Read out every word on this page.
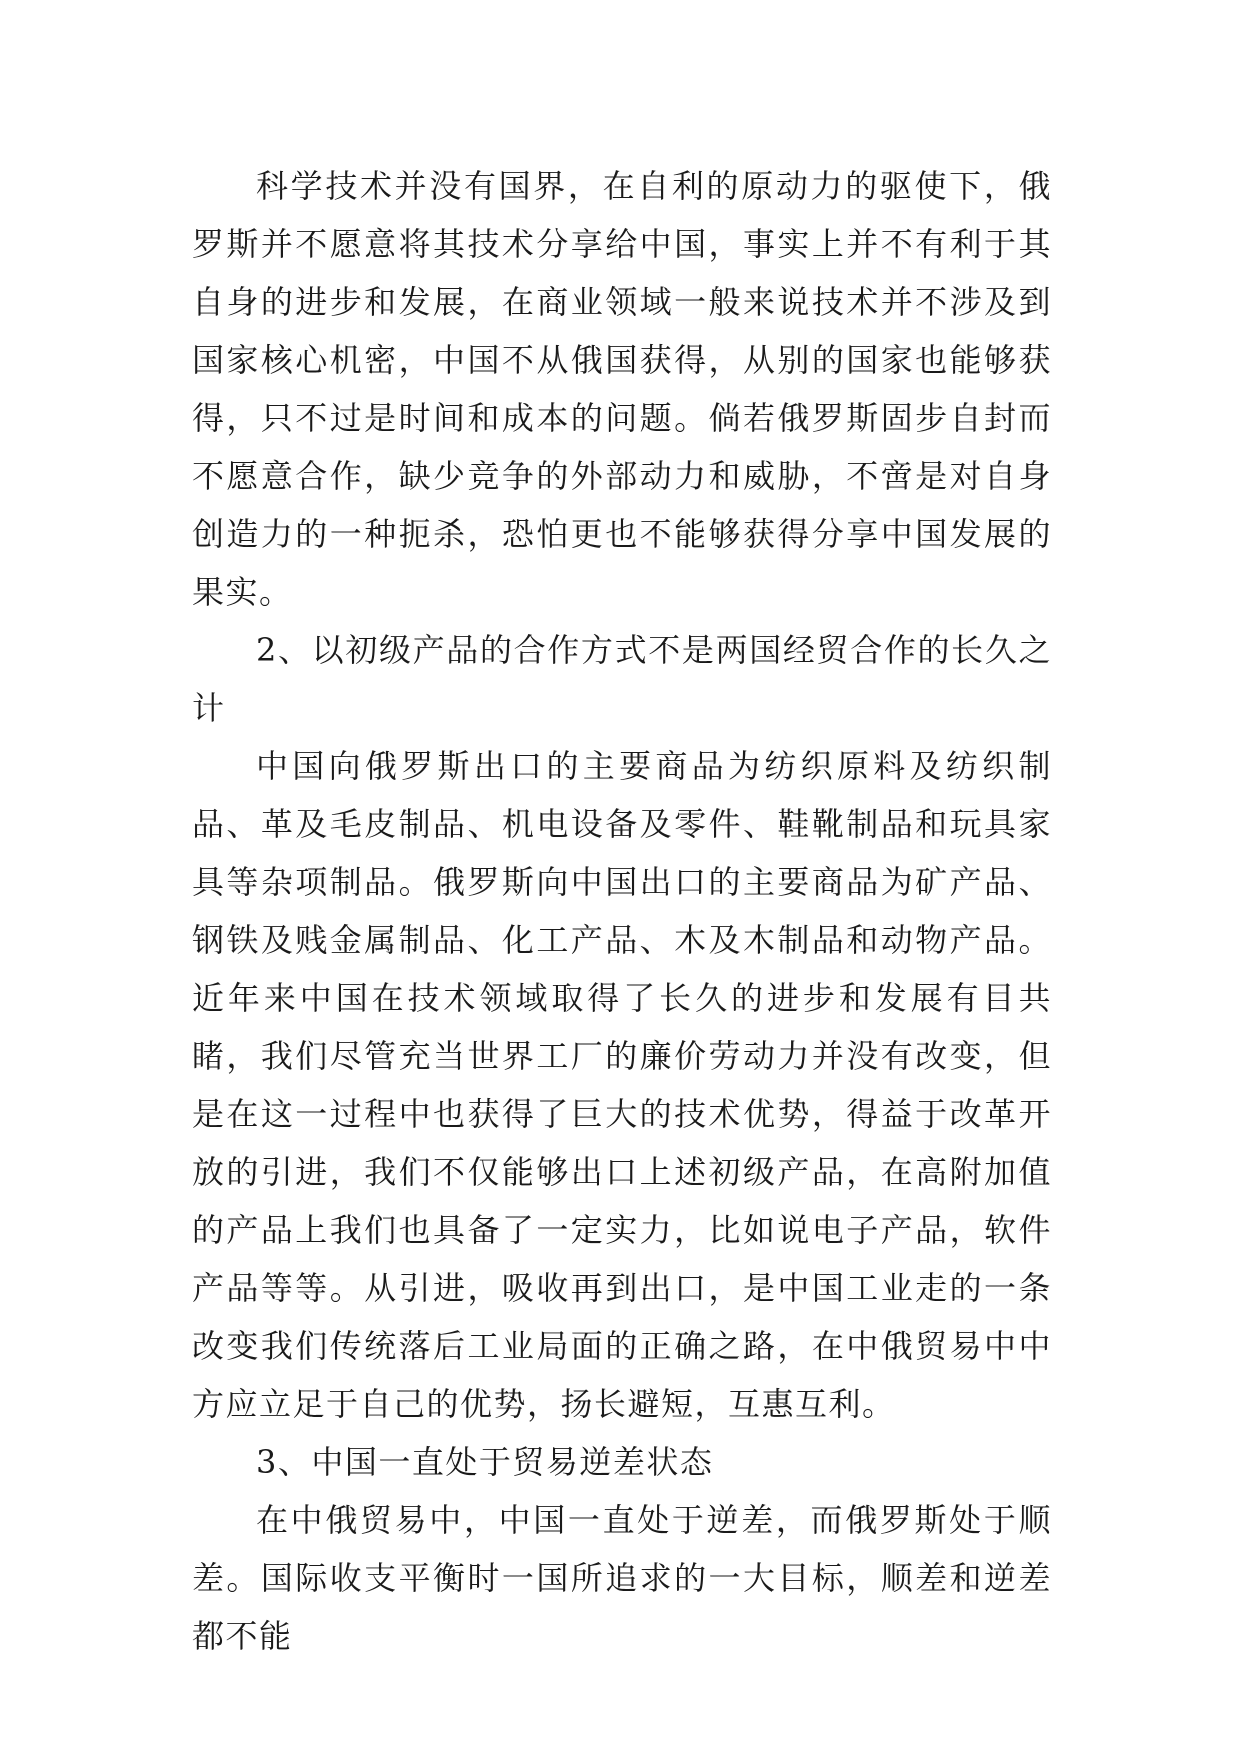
科学技术并没有国界，在自利的原动力的驱使下，俄罗斯并不愿意将其技术分享给中国，事实上并不有利于其自身的进步和发展，在商业领域一般来说技术并不涉及到国家核心机密，中国不从俄国获得，从别的国家也能够获得，只不过是时间和成本的问题。倘若俄罗斯固步自封而不愿意合作，缺少竞争的外部动力和威胁，不啻是对自身创造力的一种扼杀，恐怕更也不能够获得分享中国发展的果实。

2、以初级产品的合作方式不是两国经贸合作的长久之计

中国向俄罗斯出口的主要商品为纺织原料及纺织制品、革及毛皮制品、机电设备及零件、鞋靴制品和玩具家具等杂项制品。俄罗斯向中国出口的主要商品为矿产品、钢铁及贱金属制品、化工产品、木及木制品和动物产品。近年来中国在技术领域取得了长久的进步和发展有目共睹，我们尽管充当世界工厂的廉价劳动力并没有改变，但是在这一过程中也获得了巨大的技术优势，得益于改革开放的引进，我们不仅能够出口上述初级产品，在高附加值的产品上我们也具备了一定实力，比如说电子产品，软件产品等等。从引进，吸收再到出口，是中国工业走的一条改变我们传统落后工业局面的正确之路，在中俄贸易中中方应立足于自己的优势，扬长避短，互惠互利。

3、中国一直处于贸易逆差状态

在中俄贸易中，中国一直处于逆差，而俄罗斯处于顺差。国际收支平衡时一国所追求的一大目标，顺差和逆差都不能
